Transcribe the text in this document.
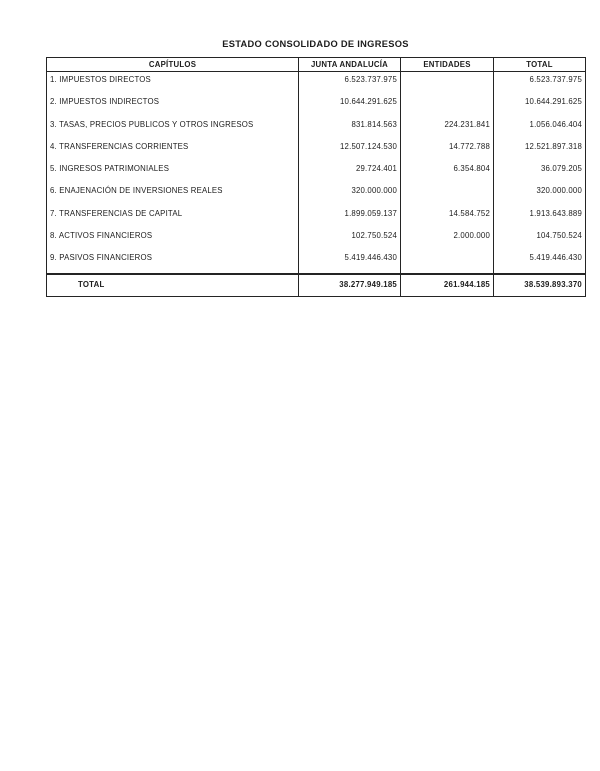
ESTADO CONSOLIDADO DE INGRESOS
CAPÍTULOS	JUNTA ANDALUCÍA	ENTIDADES	TOTAL
1. IMPUESTOS DIRECTOS	6.523.737.975		6.523.737.975
2. IMPUESTOS INDIRECTOS	10.644.291.625		10.644.291.625
3. TASAS, PRECIOS PUBLICOS Y OTROS INGRESOS	831.814.563	224.231.841	1.056.046.404
4. TRANSFERENCIAS CORRIENTES	12.507.124.530	14.772.788	12.521.897.318
5. INGRESOS PATRIMONIALES	29.724.401	6.354.804	36.079.205
6. ENAJENACIÓN DE INVERSIONES REALES	320.000.000		320.000.000
7. TRANSFERENCIAS DE CAPITAL	1.899.059.137	14.584.752	1.913.643.889
8. ACTIVOS FINANCIEROS	102.750.524	2.000.000	104.750.524
9. PASIVOS FINANCIEROS	5.419.446.430		5.419.446.430
TOTAL	38.277.949.185	261.944.185	38.539.893.370
